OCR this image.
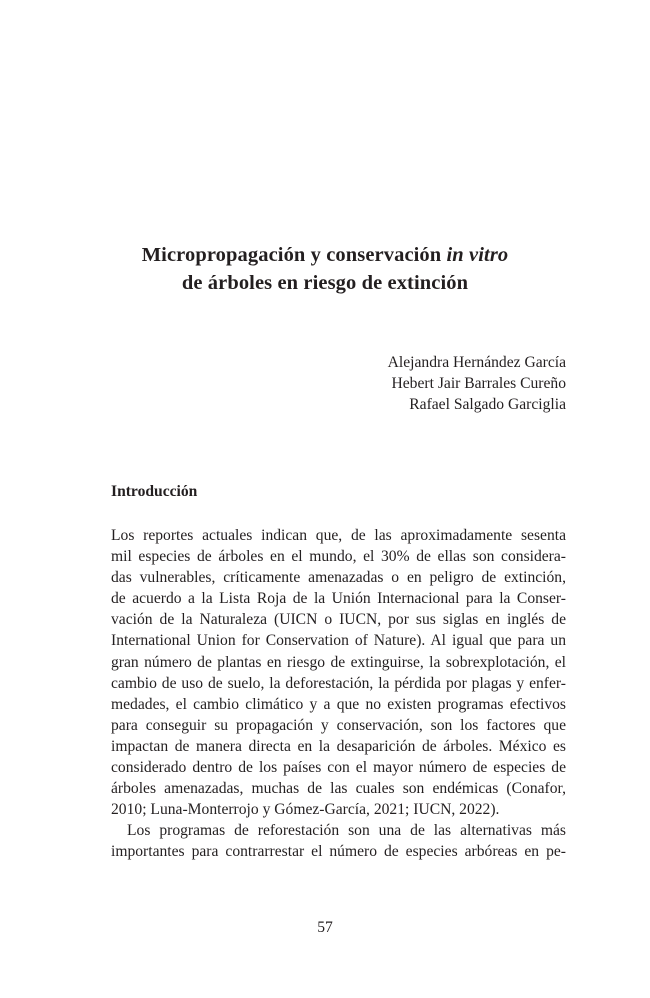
Micropropagación y conservación in vitro
de árboles en riesgo de extinción
Alejandra Hernández García
Hebert Jair Barrales Cureño
Rafael Salgado Garciglia
Introducción
Los reportes actuales indican que, de las aproximadamente sesenta
mil especies de árboles en el mundo, el 30% de ellas son considera-
das vulnerables, críticamente amenazadas o en peligro de extinción,
de acuerdo a la Lista Roja de la Unión Internacional para la Conser-
vación de la Naturaleza (UICN o IUCN, por sus siglas en inglés de
International Union for Conservation of Nature). Al igual que para un
gran número de plantas en riesgo de extinguirse, la sobrexplotación, el
cambio de uso de suelo, la deforestación, la pérdida por plagas y enfer-
medades, el cambio climático y a que no existen programas efectivos
para conseguir su propagación y conservación, son los factores que
impactan de manera directa en la desaparición de árboles. México es
considerado dentro de los países con el mayor número de especies de
árboles amenazadas, muchas de las cuales son endémicas (Conafor,
2010; Luna-Monterrojo y Gómez-García, 2021; IUCN, 2022).
Los programas de reforestación son una de las alternativas más
importantes para contrarrestar el número de especies arbóreas en pe-
57
